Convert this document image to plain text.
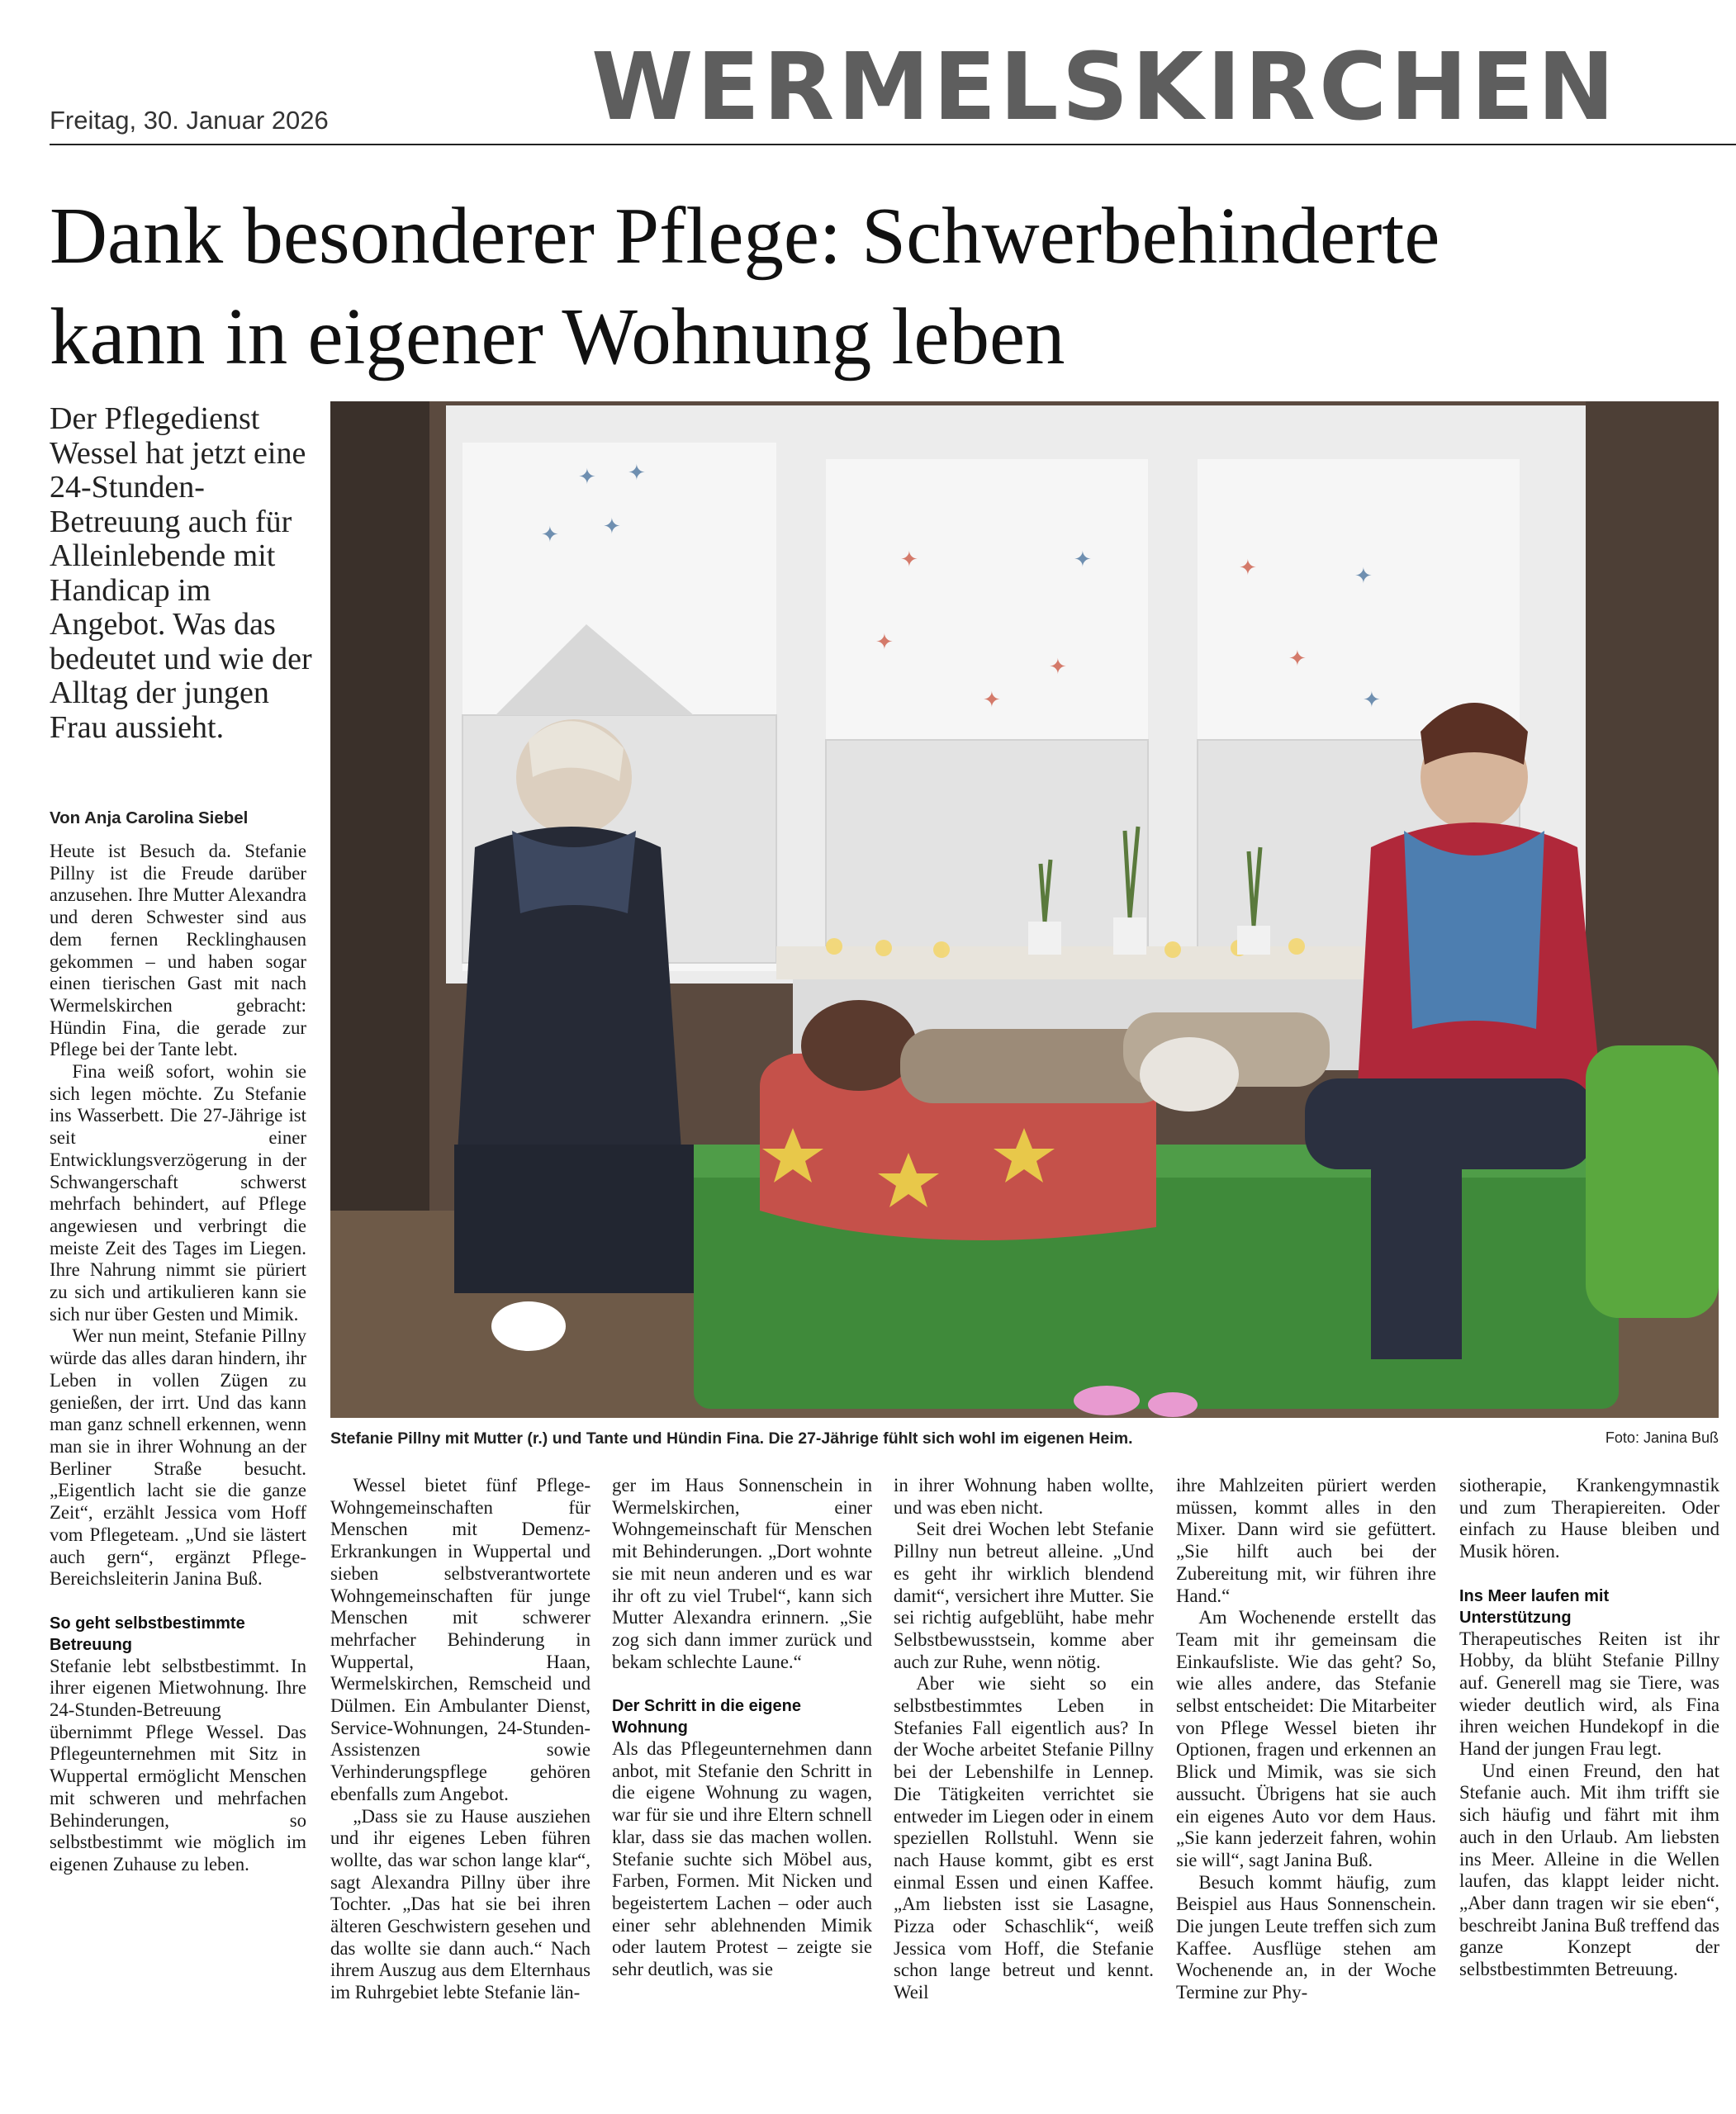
Freitag, 30. Januar 2026	WERMELSKIRCHEN
Dank besonderer Pflege: Schwerbehinderte
kann in eigener Wohnung leben

Der Pflegedienst Wessel hat jetzt eine 24-Stunden-Betreuung auch für Alleinlebende mit Handicap im Angebot. Was das bedeutet und wie der Alltag der jungen Frau aussieht.

Von Anja Carolina Siebel

Heute ist Besuch da. Stefanie Pillny ist die Freude darüber anzusehen. Ihre Mutter Alexandra und deren Schwester sind aus dem fernen Recklinghausen gekommen – und haben sogar einen tierischen Gast mit nach Wermelskirchen gebracht: Hündin Fina, die gerade zur Pflege bei der Tante lebt.

Fina weiß sofort, wohin sie sich legen möchte. Zu Stefanie ins Wasserbett. Die 27-Jährige ist seit einer Entwicklungsverzögerung in der Schwangerschaft schwerst mehrfach behindert, auf Pflege angewiesen und verbringt die meiste Zeit des Tages im Liegen. Ihre Nahrung nimmt sie püriert zu sich und artikulieren kann sie sich nur über Gesten und Mimik.

Wer nun meint, Stefanie Pillny würde das alles daran hindern, ihr Leben in vollen Zügen zu genießen, der irrt. Und das kann man ganz schnell erkennen, wenn man sie in ihrer Wohnung an der Berliner Straße besucht. „Eigentlich lacht sie die ganze Zeit“, erzählt Jessica vom Hoff vom Pflegeteam. „Und sie lästert auch gern“, ergänzt Pflege-Bereichsleiterin Janina Buß.

So geht selbstbestimmte Betreuung

Stefanie lebt selbstbestimmt. In ihrer eigenen Mietwohnung. Ihre 24-Stunden-Betreuung übernimmt Pflege Wessel. Das Pflegeunternehmen mit Sitz in Wuppertal ermöglicht Menschen mit schweren und mehrfachen Behinderungen, so selbstbestimmt wie möglich im eigenen Zuhause zu leben.

✦ ✦
✦ ✦
✦	✦
✦
✦
✦
✦	✦
✦
✦
Stefanie Pillny mit Mutter (r.) und Tante und Hündin Fina. Die 27-Jährige fühlt sich wohl im eigenen Heim.	Foto: Janina Buß

Wessel bietet fünf Pflege-Wohngemeinschaften für Menschen mit Demenz-Erkrankungen in Wuppertal und sieben selbstverantwortete Wohngemeinschaften für junge Menschen mit schwerer mehrfacher Behinderung in Wuppertal, Haan, Wermelskirchen, Remscheid und Dülmen. Ein Ambulanter Dienst, Service-Wohnungen, 24-Stunden-Assistenzen sowie Verhinderungspflege gehören ebenfalls zum Angebot.

„Dass sie zu Hause ausziehen und ihr eigenes Leben führen wollte, das war schon lange klar“, sagt Alexandra Pillny über ihre Tochter. „Das hat sie bei ihren älteren Geschwistern gesehen und das wollte sie dann auch.“ Nach ihrem Auszug aus dem Elternhaus im Ruhrgebiet lebte Stefanie län-

ger im Haus Sonnenschein in Wermelskirchen, einer Wohngemeinschaft für Menschen mit Behinderungen. „Dort wohnte sie mit neun anderen und es war ihr oft zu viel Trubel“, kann sich Mutter Alexandra erinnern. „Sie zog sich dann immer zurück und bekam schlechte Laune.“

Der Schritt in die eigene Wohnung

Als das Pflegeunternehmen dann anbot, mit Stefanie den Schritt in die eigene Wohnung zu wagen, war für sie und ihre Eltern schnell klar, dass sie das machen wollen. Stefanie suchte sich Möbel aus, Farben, Formen. Mit Nicken und begeistertem Lachen – oder auch einer sehr ablehnenden Mimik oder lautem Protest – zeigte sie sehr deutlich, was sie

in ihrer Wohnung haben wollte, und was eben nicht.

Seit drei Wochen lebt Stefanie Pillny nun betreut alleine. „Und es geht ihr wirklich blendend damit“, versichert ihre Mutter. Sie sei richtig aufgeblüht, habe mehr Selbstbewusstsein, komme aber auch zur Ruhe, wenn nötig.

Aber wie sieht so ein selbstbestimmtes Leben in Stefanies Fall eigentlich aus? In der Woche arbeitet Stefanie Pillny bei der Lebenshilfe in Lennep. Die Tätigkeiten verrichtet sie entweder im Liegen oder in einem speziellen Rollstuhl. Wenn sie nach Hause kommt, gibt es erst einmal Essen und einen Kaffee. „Am liebsten isst sie Lasagne, Pizza oder Schaschlik“, weiß Jessica vom Hoff, die Stefanie schon lange betreut und kennt. Weil

ihre Mahlzeiten püriert werden müssen, kommt alles in den Mixer. Dann wird sie gefüttert. „Sie hilft auch bei der Zubereitung mit, wir führen ihre Hand.“

Am Wochenende erstellt das Team mit ihr gemeinsam die Einkaufsliste. Wie das geht? So, wie alles andere, das Stefanie selbst entscheidet: Die Mitarbeiter von Pflege Wessel bieten ihr Optionen, fragen und erkennen an Blick und Mimik, was sie sich aussucht. Übrigens hat sie auch ein eigenes Auto vor dem Haus. „Sie kann jederzeit fahren, wohin sie will“, sagt Janina Buß.

Besuch kommt häufig, zum Beispiel aus Haus Sonnenschein. Die jungen Leute treffen sich zum Kaffee. Ausflüge stehen am Wochenende an, in der Woche Termine zur Phy-

siotherapie, Krankengymnastik und zum Therapiereiten. Oder einfach zu Hause bleiben und Musik hören.

Ins Meer laufen mit Unterstützung

Therapeutisches Reiten ist ihr Hobby, da blüht Stefanie Pillny auf. Generell mag sie Tiere, was wieder deutlich wird, als Fina ihren weichen Hundekopf in die Hand der jungen Frau legt.

Und einen Freund, den hat Stefanie auch. Mit ihm trifft sie sich häufig und fährt mit ihm auch in den Urlaub. Am liebsten ins Meer. Alleine in die Wellen laufen, das klappt leider nicht. „Aber dann tragen wir sie eben“, beschreibt Janina Buß treffend das ganze Konzept der selbstbestimmten Betreuung.
